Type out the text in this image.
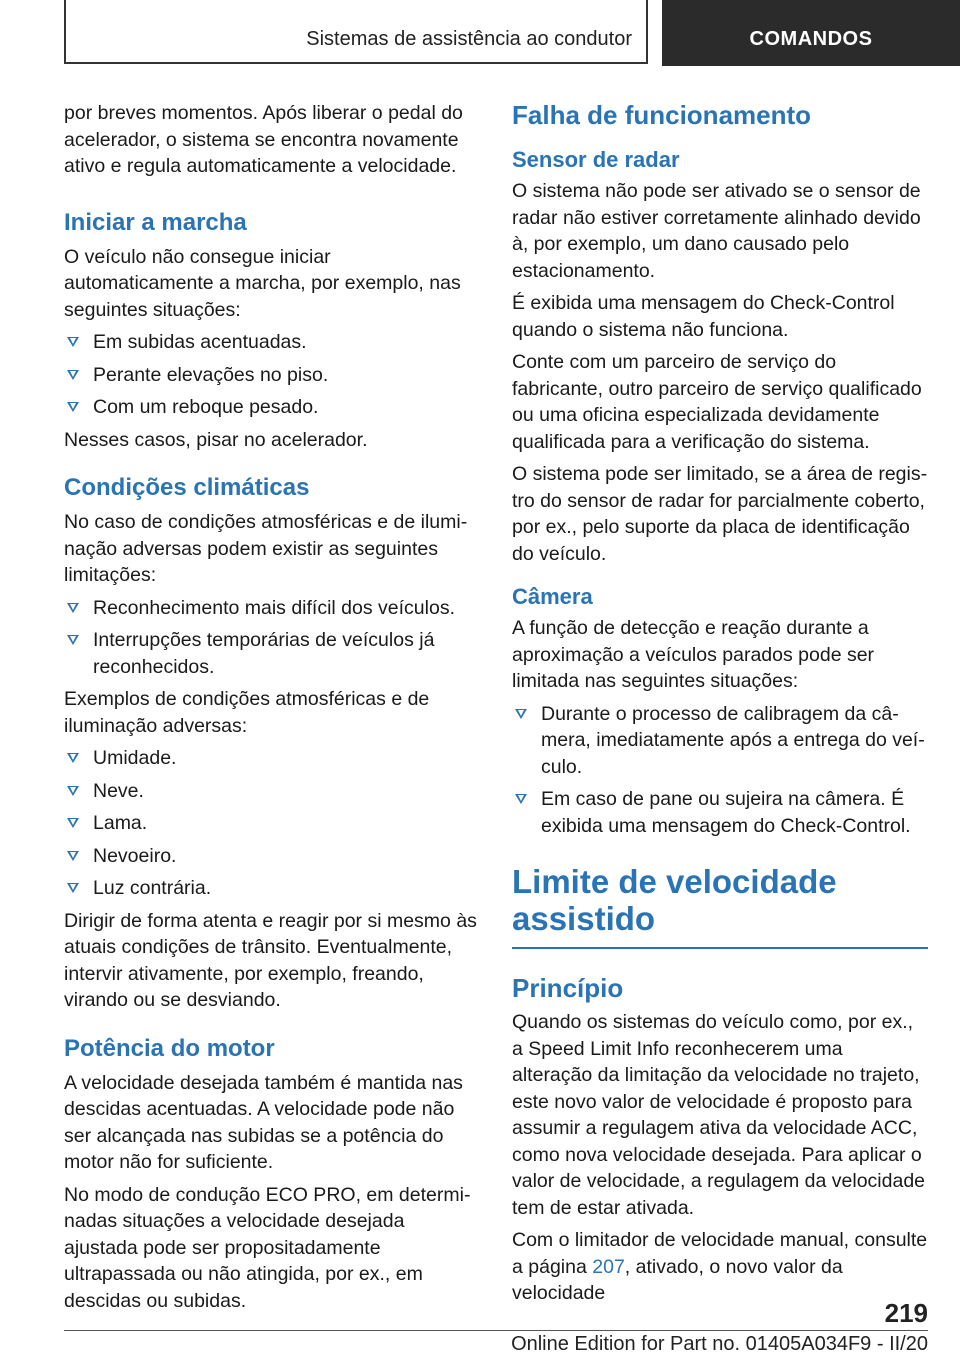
Sistemas de assistência ao condutor	COMANDOS

por breves momentos. Após liberar o pedal do acelerador, o sistema se encontra novamente ativo e regula automaticamente a velocidade.

Iniciar a marcha

O veículo não consegue iniciar automaticamente a marcha, por exemplo, nas seguintes situações:

Em subidas acentuadas.
Perante elevações no piso.
Com um reboque pesado.

Nesses casos, pisar no acelerador.

Condições climáticas

No caso de condições atmosféricas e de iluminação adversas podem existir as seguintes limitações:

Reconhecimento mais difícil dos veículos.
Interrupções temporárias de veículos já reconhecidos.

Exemplos de condições atmosféricas e de iluminação adversas:

Umidade.
Neve.
Lama.
Nevoeiro.
Luz contrária.

Dirigir de forma atenta e reagir por si mesmo às atuais condições de trânsito. Eventualmente, intervir ativamente, por exemplo, freando, virando ou se desviando.

Potência do motor

A velocidade desejada também é mantida nas descidas acentuadas. A velocidade pode não ser alcançada nas subidas se a potência do motor não for suficiente.

No modo de condução ECO PRO, em determinadas situações a velocidade desejada ajustada pode ser propositadamente ultrapassada ou não atingida, por ex., em descidas ou subidas.

Falha de funcionamento
Sensor de radar

O sistema não pode ser ativado se o sensor de radar não estiver corretamente alinhado devido à, por exemplo, um dano causado pelo estacionamento.

É exibida uma mensagem do Check-Control quando o sistema não funciona.

Conte com um parceiro de serviço do fabricante, outro parceiro de serviço qualificado ou uma oficina especializada devidamente qualificada para a verificação do sistema.

O sistema pode ser limitado, se a área de registro do sensor de radar for parcialmente coberto, por ex., pelo suporte da placa de identificação do veículo.

Câmera

A função de detecção e reação durante a aproximação a veículos parados pode ser limitada nas seguintes situações:

Durante o processo de calibragem da câmera, imediatamente após a entrega do veículo.
Em caso de pane ou sujeira na câmera. É exibida uma mensagem do Check-Control.
Limite de velocidade assistido
Princípio

Quando os sistemas do veículo como, por ex., a Speed Limit Info reconhecerem uma alteração da limitação da velocidade no trajeto, este novo valor de velocidade é proposto para assumir a regulagem ativa da velocidade ACC, como nova velocidade desejada. Para aplicar o valor de velocidade, a regulagem da velocidade tem de estar ativada.

Com o limitador de velocidade manual, consulte a página 207, ativado, o novo valor da velocidade

219
Online Edition for Part no. 01405A034F9 - II/20
